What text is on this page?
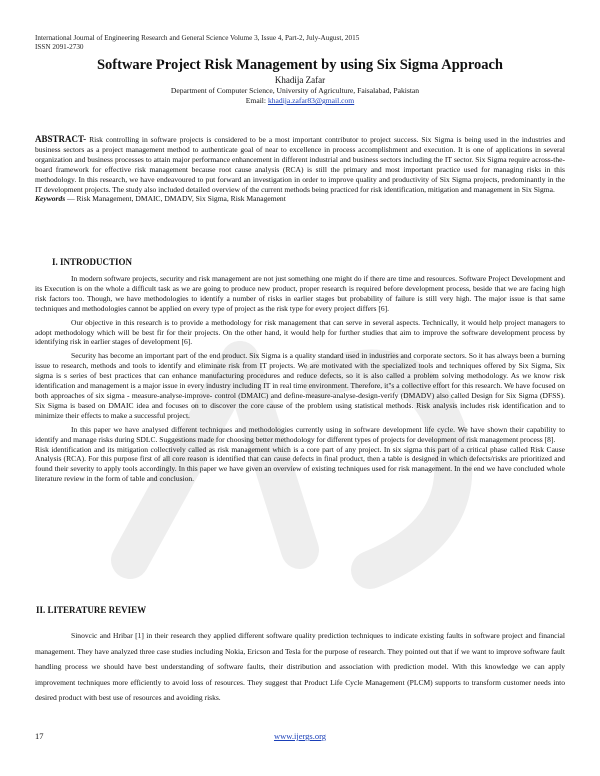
International Journal of Engineering Research and General Science Volume 3, Issue 4, Part-2, July-August, 2015
ISSN 2091-2730
Software Project Risk Management by using Six Sigma Approach
Khadija Zafar
Department of Computer Science, University of Agriculture, Faisalabad, Pakistan
Email: khadija.zafar83@gmail.com

ABSTRACT- Risk controlling in software projects is considered to be a most important contributor to project success. Six Sigma is being used in the industries and business sectors as a project management method to authenticate goal of near to excellence in process accomplishment and execution. It is one of applications in several organization and business processes to attain major performance enhancement in different industrial and business sectors including the IT sector. Six Sigma require across-the- board framework for effective risk management because root cause analysis (RCA) is still the primary and most important practice used for managing risks in this methodology. In this research, we have endeavoured to put forward an investigation in order to improve quality and productivity of Six Sigma projects, predominantly in the IT development projects. The study also included detailed overview of the current methods being practiced for risk identification, mitigation and management in Six Sigma.

Keywords — Risk Management, DMAIC, DMADV, Six Sigma, Risk Management

I. INTRODUCTION

In modern software projects, security and risk management are not just something one might do if there are time and resources. Software Project Development and its Execution is on the whole a difficult task as we are going to produce new product, proper research is required before development process, beside that we are facing high risk factors too. Though, we have methodologies to identify a number of risks in earlier stages but probability of failure is still very high. The major issue is that same techniques and methodologies cannot be applied on every type of project as the risk type for every project differs [6].

Our objective in this research is to provide a methodology for risk management that can serve in several aspects. Technically, it would help project managers to adopt methodology which will be best fir for their projects. On the other hand, it would help for further studies that aim to improve the software development process by identifying risk in earlier stages of development [6].

Security has become an important part of the end product. Six Sigma is a quality standard used in industries and corporate sectors. So it has always been a burning issue to research, methods and tools to identify and eliminate risk from IT projects. We are motivated with the specialized tools and techniques offered by Six Sigma, Six sigma is s series of best practices that can enhance manufacturing procedures and reduce defects, so it is also called a problem solving methodology. As we know risk identification and management is a major issue in every industry including IT in real time environment. Therefore, it"s a collective effort for this research. We have focused on both approaches of six sigma - measure-analyse-improve- control (DMAIC) and define-measure-analyse-design-verify (DMADV) also called Design for Six Sigma (DFSS). Six Sigma is based on DMAIC idea and focuses on to discover the core cause of the problem using statistical methods. Risk analysis includes risk identification and to minimize their effects to make a successful project.

In this paper we have analysed different techniques and methodologies currently using in software development life cycle. We have shown their capability to identify and manage risks during SDLC. Suggestions made for choosing better methodology for different types of projects for development of risk management process [8].

Risk identification and its mitigation collectively called as risk management which is a core part of any project. In six sigma this part of a critical phase called Risk Cause Analysis (RCA). For this purpose first of all core reason is identified that can cause defects in final product, then a table is designed in which defects/risks are prioritized and found their severity to apply tools accordingly. In this paper we have given an overview of existing techniques used for risk management. In the end we have concluded whole literature review in the form of table and conclusion.

II. LITERATURE REVIEW

Sinovcic and Hribar [1] in their research they applied different software quality prediction techniques to indicate existing faults in software project and financial management. They have analyzed three case studies including Nokia, Ericson and Tesla for the purpose of research. They pointed out that if we want to improve software fault handling process we should have best understanding of software faults, their distribution and association with prediction model. With this knowledge we can apply improvement techniques more efficiently to avoid loss of resources. They suggest that Product Life Cycle Management (PLCM) supports to transform customer needs into desired product with best use of resources and avoiding risks.

17	www.ijergs.org
